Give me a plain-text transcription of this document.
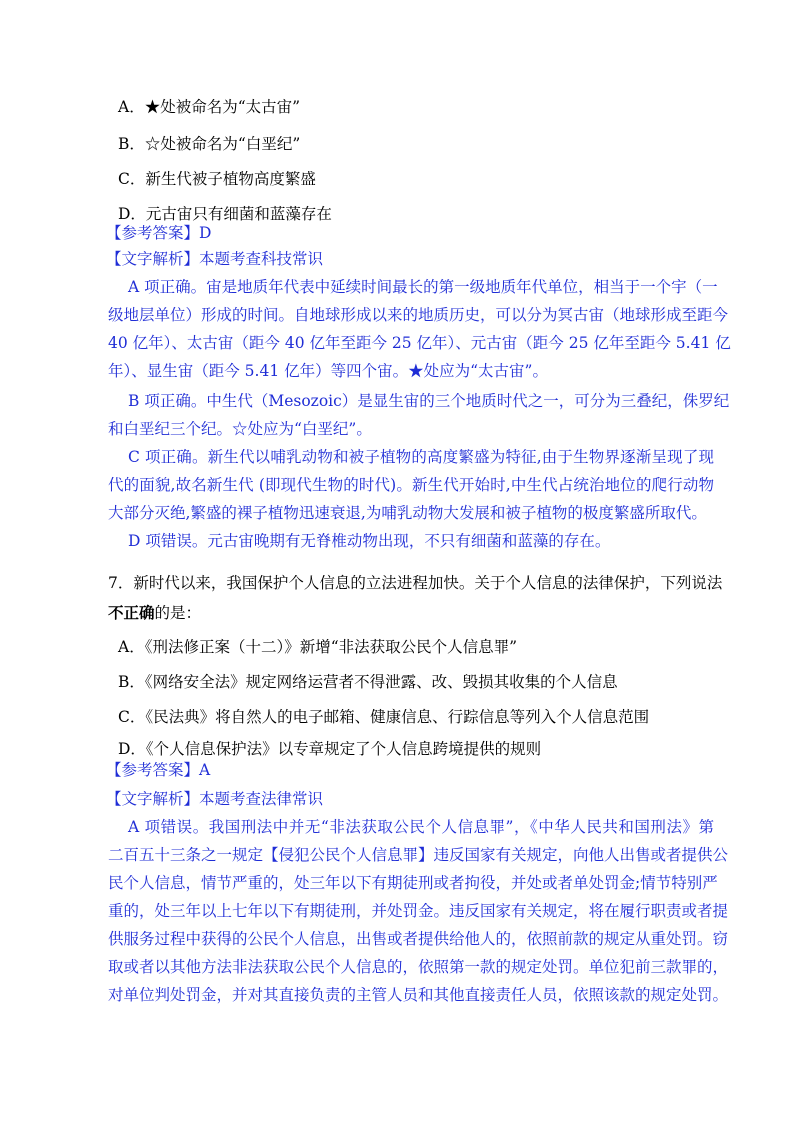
A．★处被命名为“太古宙”
B．☆处被命名为“白垩纪”
C．新生代被子植物高度繁盛
D．元古宙只有细菌和蓝藻存在
【参考答案】D
【文字解析】本题考查科技常识
A 项正确。宙是地质年代表中延续时间最长的第一级地质年代单位，相当于一个宇（一
级地层单位）形成的时间。自地球形成以来的地质历史，可以分为冥古宙（地球形成至距今
40 亿年）、太古宙（距今 40 亿年至距今 25 亿年）、元古宙（距今 25 亿年至距今 5.41 亿
年）、显生宙（距今 5.41 亿年）等四个宙。★处应为“太古宙”。
B 项正确。中生代（Mesozoic）是显生宙的三个地质时代之一，可分为三叠纪，侏罗纪
和白垩纪三个纪。☆处应为“白垩纪”。
C 项正确。新生代以哺乳动物和被子植物的高度繁盛为特征,由于生物界逐渐呈现了现
代的面貌,故名新生代 (即现代生物的时代)。新生代开始时,中生代占统治地位的爬行动物
大部分灭绝,繁盛的裸子植物迅速衰退,为哺乳动物大发展和被子植物的极度繁盛所取代。
D 项错误。元古宙晚期有无脊椎动物出现，不只有细菌和蓝藻的存在。
7．新时代以来，我国保护个人信息的立法进程加快。关于个人信息的法律保护，下列说法
不正确的是：
A．《刑法修正案（十二）》新增“非法获取公民个人信息罪”
B．《网络安全法》规定网络运营者不得泄露、改、毁损其收集的个人信息
C．《民法典》将自然人的电子邮箱、健康信息、行踪信息等列入个人信息范围
D．《个人信息保护法》以专章规定了个人信息跨境提供的规则
【参考答案】A
【文字解析】本题考查法律常识
A 项错误。我国刑法中并无“非法获取公民个人信息罪”，《中华人民共和国刑法》第
二百五十三条之一规定【侵犯公民个人信息罪】违反国家有关规定，向他人出售或者提供公
民个人信息，情节严重的，处三年以下有期徒刑或者拘役，并处或者单处罚金;情节特别严
重的，处三年以上七年以下有期徒刑，并处罚金。违反国家有关规定，将在履行职责或者提
供服务过程中获得的公民个人信息，出售或者提供给他人的，依照前款的规定从重处罚。窃
取或者以其他方法非法获取公民个人信息的，依照第一款的规定处罚。单位犯前三款罪的，
对单位判处罚金，并对其直接负责的主管人员和其他直接责任人员，依照该款的规定处罚。
